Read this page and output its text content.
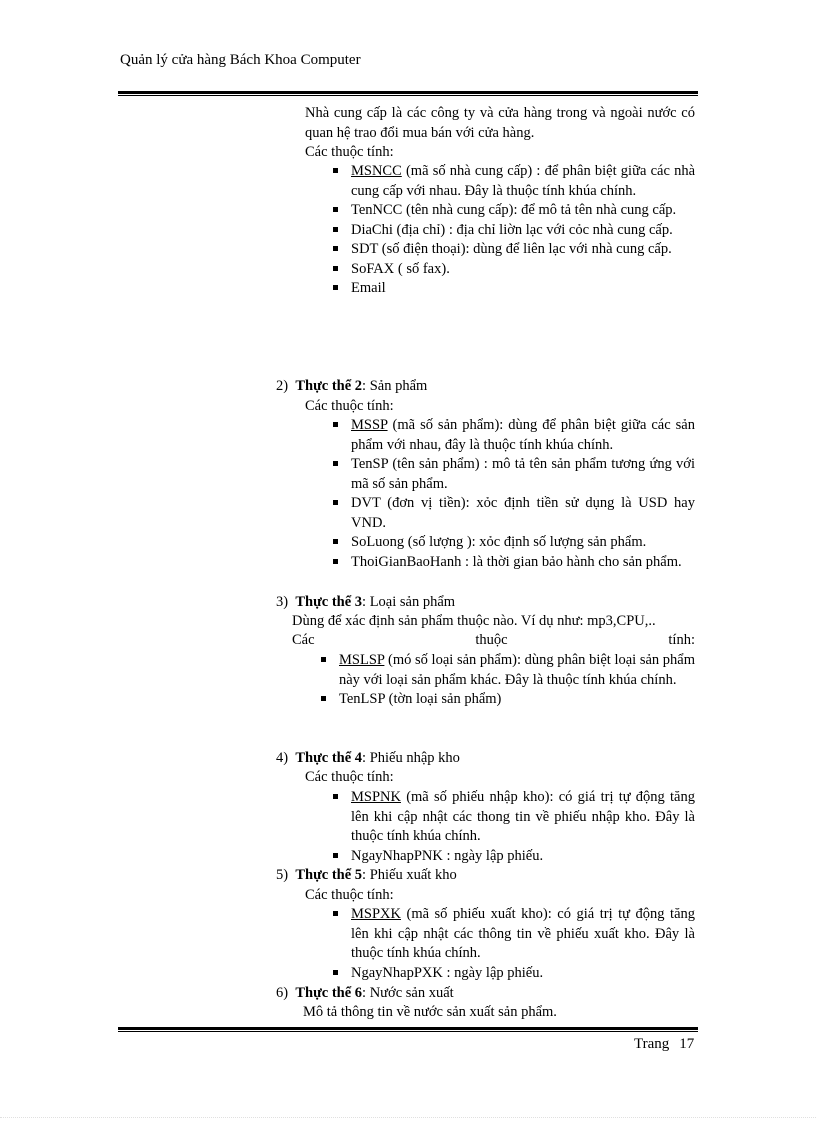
Quản lý cửa hàng Bách Khoa Computer
Nhà cung cấp là các công ty và cửa hàng trong và ngoài nước có quan hệ trao đổi mua bán với cửa hàng.
Các thuộc tính:
MSNCC (mã số nhà cung cấp) : để phân biệt giữa các nhà cung cấp với nhau. Đây là thuộc tính khúa chính.
TenNCC (tên nhà cung cấp): để mô tả tên nhà cung cấp.
DiaChi (địa chỉ) : địa chỉ liờn lạc với cỏc nhà cung cấp.
SDT (số điện thoại): dùng để liên lạc với nhà cung cấp.
SoFAX ( số fax).
Email
2) Thực thể 2: Sản phẩm
Các thuộc tính:
MSSP (mã số sản phẩm): dùng để phân biệt giữa các sản phẩm với nhau, đây là thuộc tính khúa chính.
TenSP (tên sản phẩm) : mô tả tên sản phẩm tương ứng với mã số sản phẩm.
DVT (đơn vị tiền): xỏc định tiền sử dụng là USD hay VND.
SoLuong (số lượng ): xỏc định số lượng sản phẩm.
ThoiGianBaoHanh : là thời gian bảo hành cho sản phẩm.
3) Thực thể 3: Loại sản phẩm
Dùng để xác định sản phẩm thuộc nào. Ví dụ như: mp3,CPU,..
Các	thuộc	tính:
MSLSP (mó số loại sản phẩm): dùng phân biệt loại sản phẩm này với loại sản phẩm khác. Đây là thuộc tính khúa chính.
TenLSP (tờn loại sản phẩm)
4) Thực thể 4: Phiếu nhập kho
Các thuộc tính:
MSPNK (mã số phiếu nhập kho): có giá trị tự động tăng lên khi cập nhật các thong tin về phiếu nhập kho. Đây là thuộc tính khúa chính.
NgayNhapPNK : ngày lập phiếu.
5) Thực thể 5: Phiếu xuất kho
Các thuộc tính:
MSPXK (mã số phiếu xuất kho): có giá trị tự động tăng lên khi cập nhật các thông tin về phiếu xuất kho. Đây là thuộc tính khúa chính.
NgayNhapPXK : ngày lập phiếu.
6) Thực thể 6: Nước sản xuất
Mô tả thông tin về nước sản xuất sản phẩm.
Trang 17
